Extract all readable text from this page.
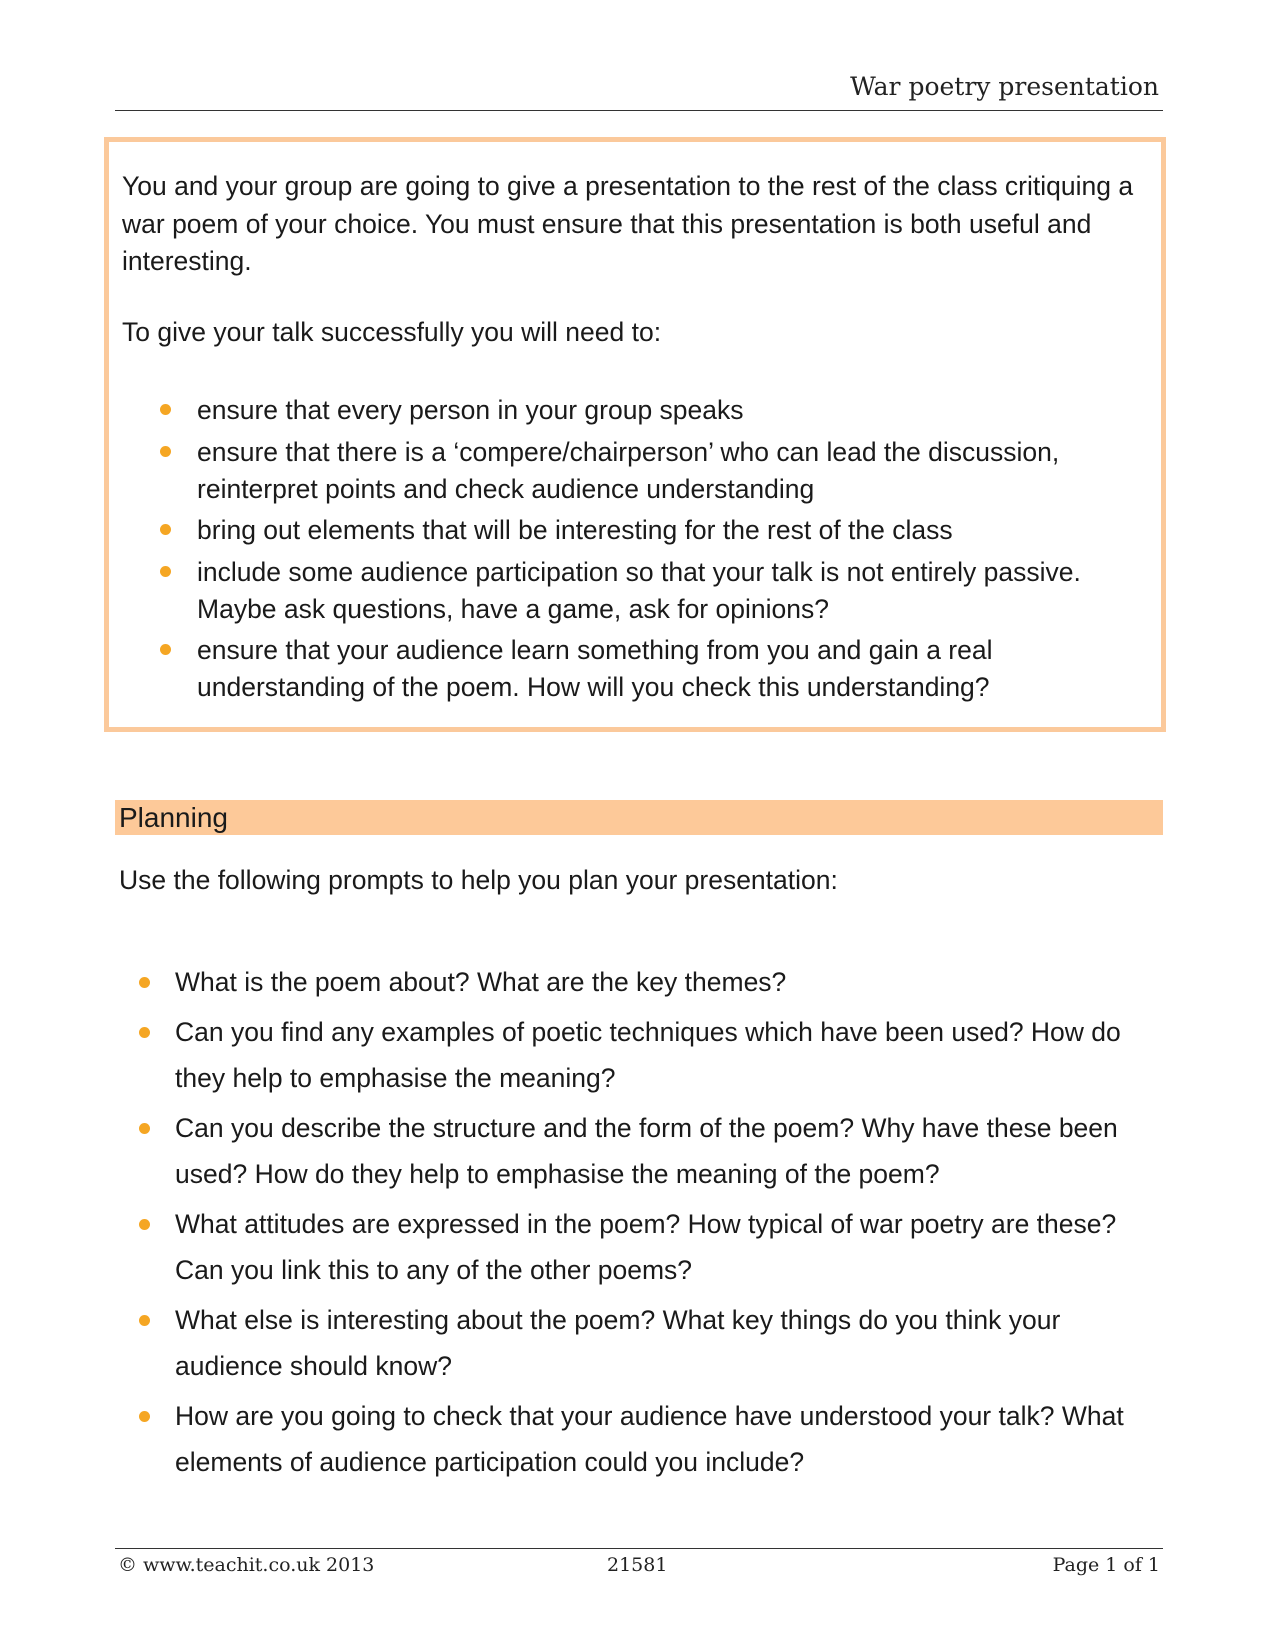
War poetry presentation
You and your group are going to give a presentation to the rest of the class critiquing a war poem of your choice. You must ensure that this presentation is both useful and interesting.
To give your talk successfully you will need to:
ensure that every person in your group speaks
ensure that there is a ‘compere/chairperson’ who can lead the discussion, reinterpret points and check audience understanding
bring out elements that will be interesting for the rest of the class
include some audience participation so that your talk is not entirely passive. Maybe ask questions, have a game, ask for opinions?
ensure that your audience learn something from you and gain a real understanding of the poem. How will you check this understanding?
Planning
Use the following prompts to help you plan your presentation:
What is the poem about? What are the key themes?
Can you find any examples of poetic techniques which have been used? How do they help to emphasise the meaning?
Can you describe the structure and the form of the poem? Why have these been used? How do they help to emphasise the meaning of the poem?
What attitudes are expressed in the poem? How typical of war poetry are these? Can you link this to any of the other poems?
What else is interesting about the poem? What key things do you think your audience should know?
How are you going to check that your audience have understood your talk? What elements of audience participation could you include?
© www.teachit.co.uk 2013	21581	Page 1 of 1
